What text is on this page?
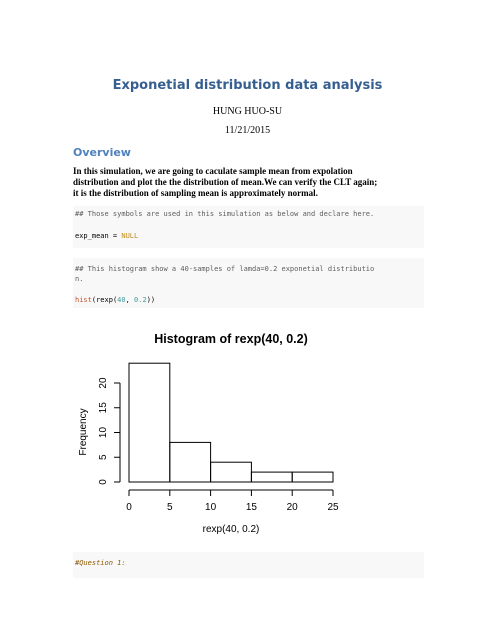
Exponetial distribution data analysis
HUNG HUO-SU
11/21/2015
Overview
In this simulation, we are going to caculate sample mean from expolation
distribution and plot the the distribution of mean.We can verify the CLT again;
it is the distribution of sampling mean is approximately normal.
## Those symbols are used in this simulation as below and declare here.
exp_mean = NULL
## This histogram show a 40-samples of lamda=0.2 exponetial distributio
n.
hist(rexp(40, 0.2))
Histogram of rexp(40, 0.2)
0	5	10	15	20	25
0
5
10
15
20
rexp(40, 0.2)
Frequency
#Question 1:
